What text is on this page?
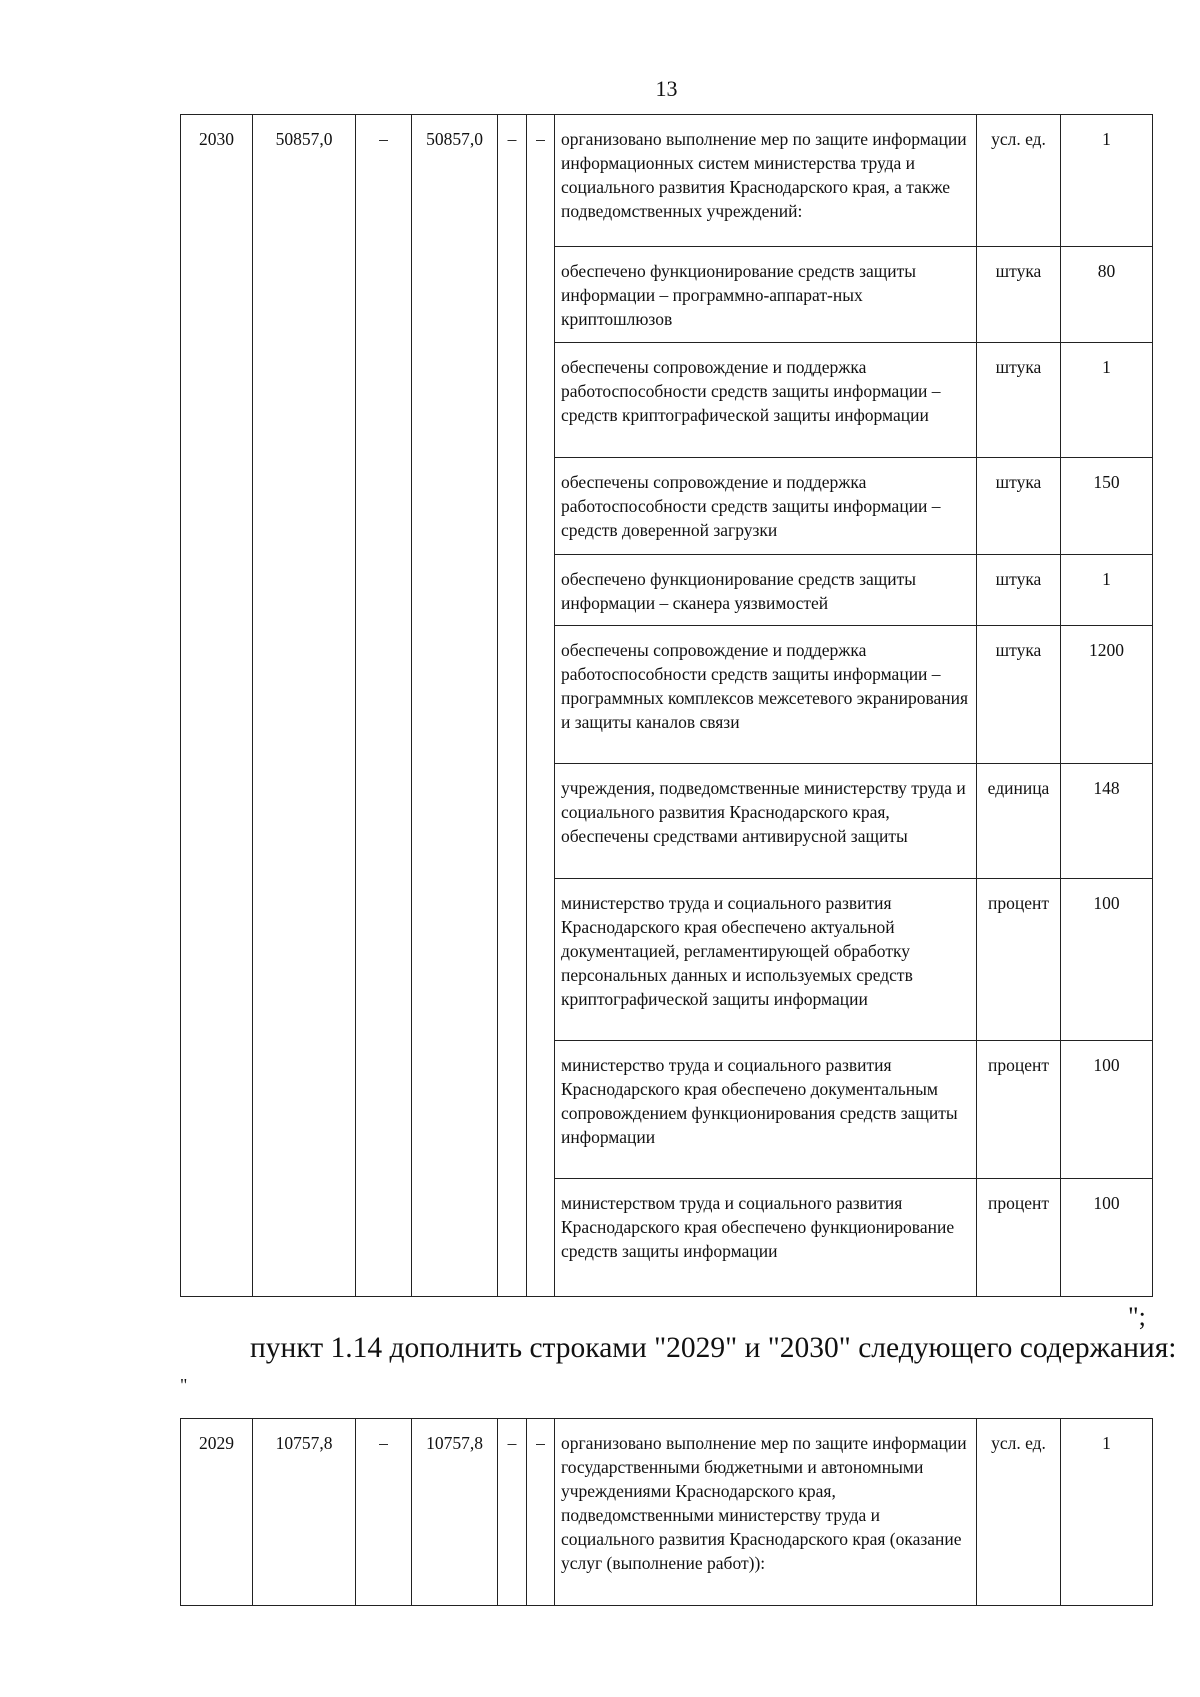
13
2030	50857,0	–	50857,0	–	–	организовано выполнение мер по защите информации информационных систем министерства труда и социального развития Краснодарского края, а также подведомственных учреждений:	усл. ед.	1
						обеспечено функционирование средств защиты информации – программно-аппарат-ных криптошлюзов	штука	80
						обеспечены сопровождение и поддержка работоспособности средств защиты информации – средств криптографической защиты информации	штука	1
						обеспечены сопровождение и поддержка работоспособности средств защиты информации – средств доверенной загрузки	штука	150
						обеспечено функционирование средств защиты информации – сканера уязвимостей	штука	1
						обеспечены сопровождение и поддержка работоспособности средств защиты информации – программных комплексов межсетевого экранирования и защиты каналов связи	штука	1200
						учреждения, подведомственные министерству труда и социального развития Краснодарского края, обеспечены средствами антивирусной защиты	единица	148
						министерство труда и социального развития Краснодарского края обеспечено актуальной документацией, регламентирующей обработку персональных данных и используемых средств криптографической защиты информации	процент	100
						министерство труда и социального развития Краснодарского края обеспечено документальным сопровождением функционирования средств защиты информации	процент	100
						министерством труда и социального развития Краснодарского края обеспечено функционирование средств защиты информации	процент	100
";
пункт 1.14 дополнить строками "2029" и "2030" следующего содержания:
"
2029	10757,8	–	10757,8	–	–	организовано выполнение мер по защите информации государственными бюджетными и автономными учреждениями Краснодарского края, подведомственными министерству труда и социального развития Краснодарского края (оказание услуг (выполнение работ)):	усл. ед.	1
